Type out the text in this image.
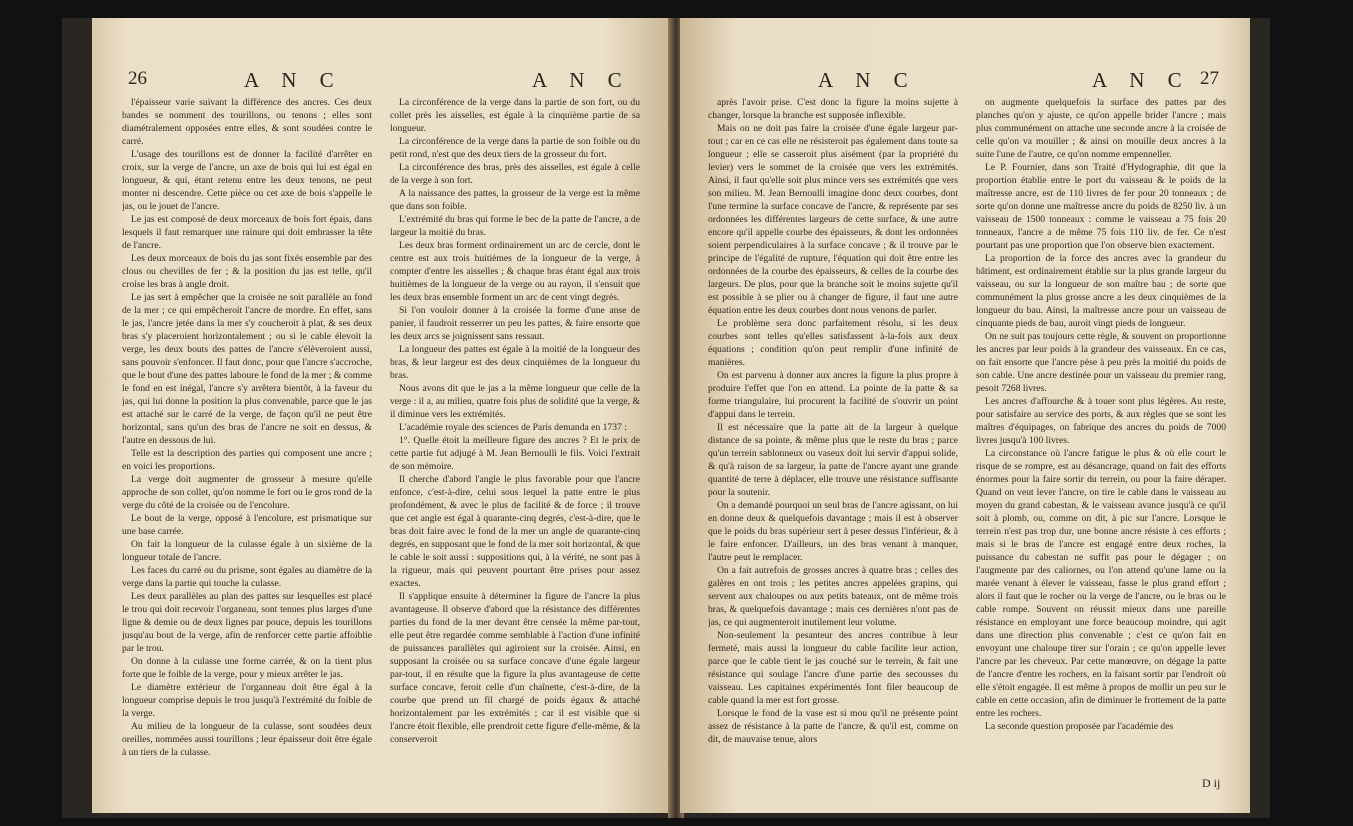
26	A N C	A N C

l'épaisseur varie suivant la différence des ancres. Ces deux bandes se nomment des tourillons, ou tenons ; elles sont diamétralement opposées entre elles, & sont soudées contre le carré.

L'usage des tourillons est de donner la facilité d'arrêter en croix, sur la verge de l'ancre, un axe de bois qui lui est égal en longueur, & qui, étant retenu entre les deux tenons, ne peut monter ni descendre. Cette pièce ou cet axe de bois s'appelle le jas, ou le jouet de l'ancre.

Le jas est composé de deux morceaux de bois fort épais, dans lesquels il faut remarquer une rainure qui doit embrasser la tête de l'ancre.

Les deux morceaux de bois du jas sont fixés ensemble par des clous ou chevilles de fer ; & la position du jas est telle, qu'il croise les bras à angle droit.

Le jas sert à empêcher que la croisée ne soit parallèle au fond de la mer ; ce qui empêcheroit l'ancre de mordre. En effet, sans le jas, l'ancre jetée dans la mer s'y coucheroit à plat, & ses deux bras s'y placeroient horizontalement ; ou si le cable élevoit la verge, les deux bouts des pattes de l'ancre s'élèveroient aussi, sans pouvoir s'enfoncer. Il faut donc, pour que l'ancre s'accroche, que le bout d'une des pattes laboure le fond de la mer ; & comme le fond en est inégal, l'ancre s'y arrêtera bientôt, à la faveur du jas, qui lui donne la position la plus convenable, parce que le jas est attaché sur le carré de la verge, de façon qu'il ne peut être horizontal, sans qu'un des bras de l'ancre ne soit en dessus, & l'autre en dessous de lui.

Telle est la description des parties qui composent une ancre ; en voici les proportions.

La verge doit augmenter de grosseur à mesure qu'elle approche de son collet, qu'on nomme le fort ou le gros rond de la verge du côté de la croisée ou de l'encolure.

Le bout de la verge, opposé à l'encolure, est prismatique sur une base carrée.

On fait la longueur de la culasse égale à un sixième de la longueur totale de l'ancre.

Les faces du carré ou du prisme, sont égales au diamètre de la verge dans la partie qui touche la culasse.

Les deux parallèles au plan des pattes sur lesquelles est placé le trou qui doit recevoir l'organeau, sont tenues plus larges d'une ligne & demie ou de deux lignes par pouce, depuis les tourillons jusqu'au bout de la verge, afin de renforcer cette partie affoiblie par le trou.

On donne à la culasse une forme carrée, & on la tient plus forte que le foible de la verge, pour y mieux arrêter le jas.

Le diamètre extérieur de l'organneau doit être égal à la longueur comprise depuis le trou jusqu'à l'extrémité du foible de la verge.

Au milieu de la longueur de la culasse, sont soudées deux oreilles, nommées aussi tourillons ; leur épaisseur doit être égale à un tiers de la culasse.

La circonférence de la verge dans la partie de son fort, ou du collet près les aisselles, est égale à la cinquième partie de sa longueur.

La circonférence de la verge dans la partie de son foible ou du petit rond, n'est que des deux tiers de la grosseur du fort.

La circonférence des bras, près des aisselles, est égale à celle de la verge à son fort.

A la naissance des pattes, la grosseur de la verge est la même que dans son foible.

L'extrémité du bras qui forme le bec de la patte de l'ancre, a de largeur la moitié du bras.

Les deux bras forment ordinairement un arc de cercle, dont le centre est aux trois huitièmes de la longueur de la verge, à compter d'entre les aisselles ; & chaque bras étant égal aux trois huitièmes de la longueur de la verge ou au rayon, il s'ensuit que les deux bras ensemble forment un arc de cent vingt degrés.

Si l'on vouloir donner à la croisée la forme d'une anse de panier, il faudroit resserrer un peu les pattes, & faire ensorte que les deux arcs se joignissent sans ressaut.

La longueur des pattes est égale à la moitié de la longueur des bras, & leur largeur est des deux cinquièmes de la longueur du bras.

Nous avons dit que le jas a la même longueur que celle de la verge : il a, au milieu, quatre fois plus de solidité que la verge, & il diminue vers les extrémités.

L'académie royale des sciences de Paris demanda en 1737 :

1°. Quelle étoit la meilleure figure des ancres ? Et le prix de cette partie fut adjugé à M. Jean Bernoulli le fils. Voici l'extrait de son mémoire.

Il cherche d'abord l'angle le plus favorable pour que l'ancre enfonce, c'est-à-dire, celui sous lequel la patte entre le plus profondément, & avec le plus de facilité & de force ; il trouve que cet angle est égal à quarante-cinq degrés, c'est-à-dire, que le bras doit faire avec le fond de la mer un angle de quarante-cinq degrés, en supposant que le fond de la mer soit horizontal, & que le cable le soit aussi : suppositions qui, à la vérité, ne sont pas à la rigueur, mais qui peuvent pourtant être prises pour assez exactes.

Il s'applique ensuite à déterminer la figure de l'ancre la plus avantageuse. Il observe d'abord que la résistance des différentes parties du fond de la mer devant être censée la même par-tout, elle peut être regardée comme semblable à l'action d'une infinité de puissances parallèles qui agiroient sur la croisée. Ainsi, en supposant la croisée ou sa surface concave d'une égale largeur par-tout, il en résulte que la figure la plus avantageuse de cette surface concave, feroit celle d'un chaînette, c'est-à-dire, de la courbe que prend un fil chargé de poids égaux & attaché horizontalement par les extrémités ; car il est visible que si l'ancre étoit flexible, elle prendroit cette figure d'elle-même, & la conserveroit

A N C	A N C 27

après l'avoir prise. C'est donc la figure la moins sujette à changer, lorsque la branche est supposée inflexible.

Mais on ne doit pas faire la croisée d'une égale largeur par-tout ; car en ce cas elle ne résisteroit pas également dans toute sa longueur ; elle se casseroit plus aisément (par la propriété du levier) vers le sommet de la croisée que vers les extrémités. Ainsi, il faut qu'elle soit plus mince vers ses extrémités que vers son milieu. M. Jean Bernoulli imagine donc deux courbes, dont l'une termine la surface concave de l'ancre, & représente par ses ordonnées les différentes largeurs de cette surface, & une autre encore qu'il appelle courbe des épaisseurs, & dont les ordonnées soient perpendiculaires à la surface concave ; & il trouve par le principe de l'égalité de rupture, l'équation qui doit être entre les ordonnées de la courbe des épaisseurs, & celles de la courbe des largeurs. De plus, pour que la branche soit le moins sujette qu'il est possible à se plier ou à changer de figure, il faut une autre équation entre les deux courbes dont nous venons de parler.

Le problème sera donc parfaitement résolu, si les deux courbes sont telles qu'elles satisfassent à-la-fois aux deux équations ; condition qu'on peut remplir d'une infinité de manières.

On est parvenu à donner aux ancres la figure la plus propre à produire l'effet que l'on en attend. La pointe de la patte & sa forme triangulaire, lui procurent la facilité de s'ouvrir un point d'appui dans le terrein.

Il est nécessaire que la patte ait de la largeur à quelque distance de sa pointe, & même plus que le reste du bras ; parce qu'un terrein sablonneux ou vaseux doit lui servir d'appui solide, & qu'à raison de sa largeur, la patte de l'ancre ayant une grande quantité de terre à déplacer, elle trouve une résistance suffisante pour la soutenir.

On a demandé pourquoi un seul bras de l'ancre agissant, on lui en donne deux & quelquefois davantage ; mais il est à observer que le poids du bras supérieur sert à peser dessus l'inférieur, & à le faire enfoncer. D'ailleurs, un des bras venant à manquer, l'autre peut le remplacer.

On a fait autrefois de grosses ancres à quatre bras ; celles des galères en ont trois ; les petites ancres appelées grapins, qui servent aux chaloupes ou aux petits bateaux, ont de même trois bras, & quelquefois davantage ; mais ces dernières n'ont pas de jas, ce qui augmenteroit inutilement leur volume.

Non-seulement la pesanteur des ancres contribue à leur fermeté, mais aussi la longueur du cable facilite leur action, parce que le cable tient le jas couché sur le terrein, & fait une résistance qui soulage l'ancre d'une partie des secousses du vaisseau. Les capitaines expérimentés font filer beaucoup de cable quand la mer est fort grosse.

Lorsque le fond de la vase est si mou qu'il ne présente point assez de résistance à la patte de l'ancre, & qu'il est, comme on dit, de mauvaise tenue, alors

on augmente quelquefois la surface des pattes par des planches qu'on y ajuste, ce qu'on appelle brider l'ancre ; mais plus communément on attache une seconde ancre à la croisée de celle qu'on va mouiller ; & ainsi on mouille deux ancres à la suite l'une de l'autre, ce qu'on nomme empenneller.

Le P. Fournier, dans son Traité d'Hydographie, dit que la proportion établie entre le port du vaisseau & le poids de la maîtresse ancre, est de 110 livres de fer pour 20 tonneaux ; de sorte qu'on donne une maîtresse ancre du poids de 8250 liv. à un vaisseau de 1500 tonneaux : comme le vaisseau a 75 fois 20 tonneaux, l'ancre a de même 75 fois 110 liv. de fer. Ce n'est pourtant pas une proportion que l'on observe bien exactement.

La proportion de la force des ancres avec la grandeur du bâtiment, est ordinairement établie sur la plus grande largeur du vaisseau, ou sur la longueur de son maître bau ; de sorte que communément la plus grosse ancre a les deux cinquièmes de la longueur du bau. Ainsi, la maîtresse ancre pour un vaisseau de cinquante pieds de bau, auroit vingt pieds de longueur.

On ne suit pas toujours cette règle, & souvent on proportionne les ancres par leur poids à la grandeur des vaisseaux. En ce cas, on fait ensorte que l'ancre pèse à peu près la moitié du poids de son cable. Une ancre destinée pour un vaisseau du premier rang, pesoit 7268 livres.

Les ancres d'affourche & à touer sont plus légères. Au reste, pour satisfaire au service des ports, & aux règles que se sont les maîtres d'équipages, on fabrique des ancres du poids de 7000 livres jusqu'à 100 livres.

La circonstance où l'ancre fatigue le plus & où elle court le risque de se rompre, est au désancrage, quand on fait des efforts énormes pour la faire sortir du terrein, ou pour la faire déraper. Quand on veut lever l'ancre, on tire le cable dans le vaisseau au moyen du grand cabestan, & le vaisseau avance jusqu'à ce qu'il soit à plomb, ou, comme on dit, à pic sur l'ancre. Lorsque le terrein n'est pas trop dur, une bonne ancre résiste à ces efforts ; mais si le bras de l'ancre est engagé entre deux roches, la puissance du cabestan ne suffit pas pour le dégager ; on l'augmente par des caliornes, ou l'on attend qu'une lame ou la marée venant à élever le vaisseau, fasse le plus grand effort ; alors il faut que le rocher ou la verge de l'ancre, ou le bras ou le cable rompe. Souvent on réussit mieux dans une pareille résistance en employant une force beaucoup moindre, qui agit dans une direction plus convenable ; c'est ce qu'on fait en envoyant une chaloupe tirer sur l'orain ; ce qu'on appelle lever l'ancre par les cheveux. Par cette manœuvre, on dégage la patte de l'ancre d'entre les rochers, en la faisant sortir par l'endroit où elle s'étoit engagée. Il est même à propos de mollir un peu sur le cable en cette occasion, afin de diminuer le frottement de la patte entre les rochers.

La seconde question proposée par l'académie des

D ij
